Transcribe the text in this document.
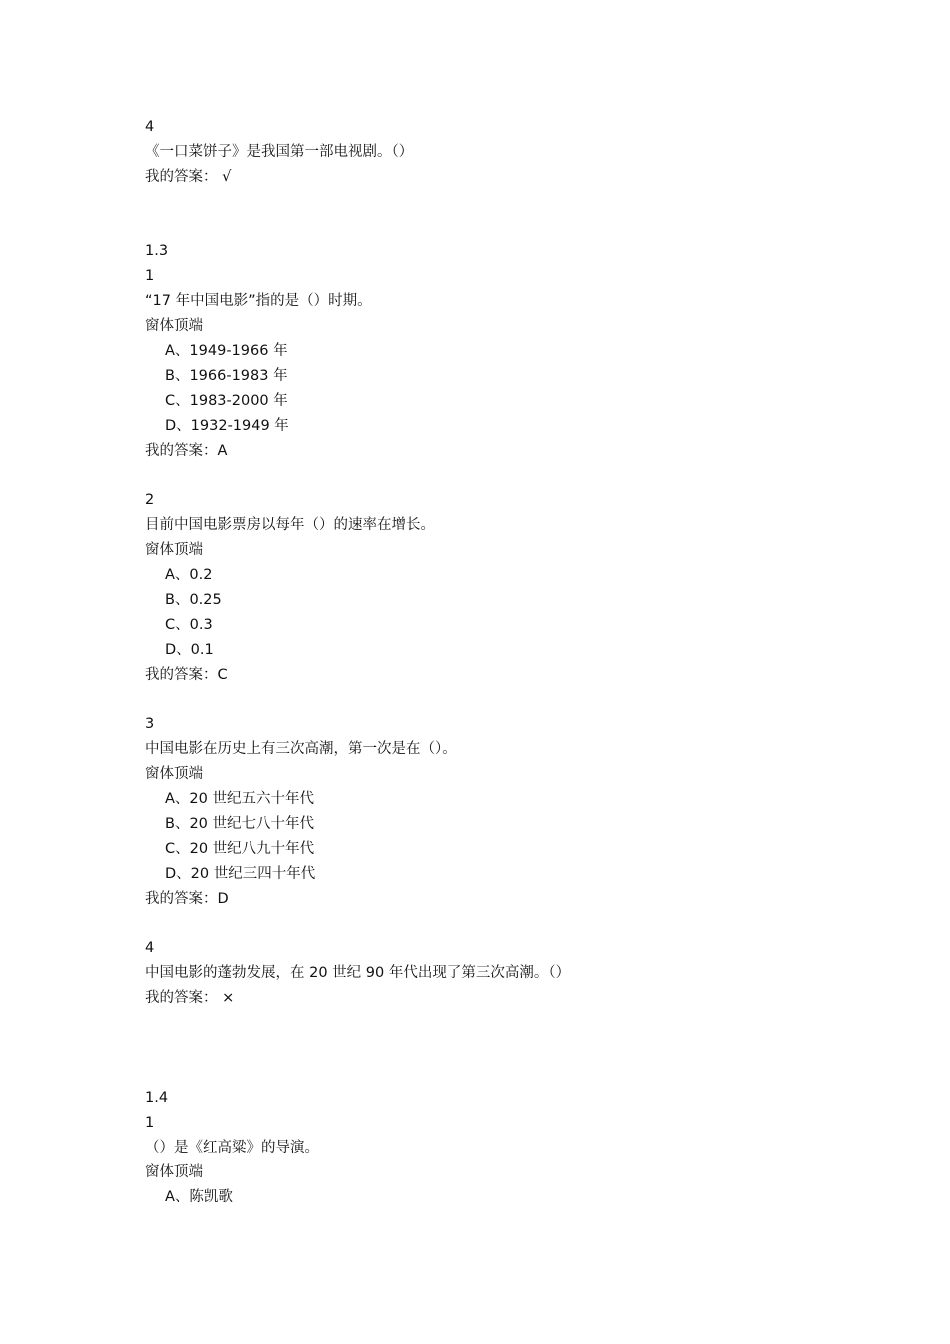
4
《一口菜饼子》是我国第一部电视剧。（）
我的答案： √
1.3
1
“17 年中国电影”指的是（）时期。
窗体顶端
A、1949-1966 年
B、1966-1983 年
C、1983-2000 年
D、1932-1949 年
我的答案：A
2
目前中国电影票房以每年（）的速率在增长。
窗体顶端
A、0.2
B、0.25
C、0.3
D、0.1
我的答案：C
3
中国电影在历史上有三次高潮，第一次是在（）。
窗体顶端
A、20 世纪五六十年代
B、20 世纪七八十年代
C、20 世纪八九十年代
D、20 世纪三四十年代
我的答案：D
4
中国电影的蓬勃发展，在 20 世纪 90 年代出现了第三次高潮。（）
我的答案： ×
1.4
1
（）是《红高粱》的导演。
窗体顶端
A、陈凯歌
